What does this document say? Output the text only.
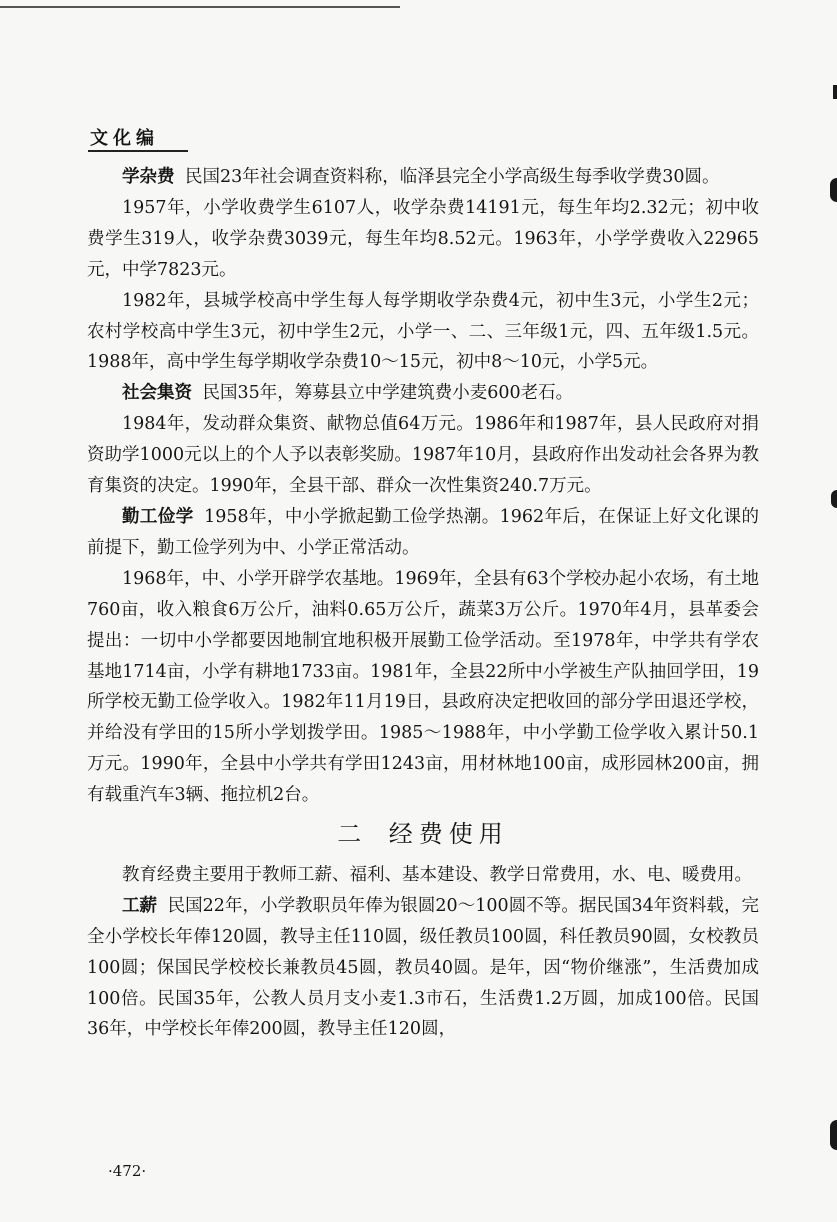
文化编

学杂费 民国23年社会调查资料称，临泽县完全小学高级生每季收学费30圆。

1957年，小学收费学生6107人，收学杂费14191元，每生年均2.32元；初中收费学生319人，收学杂费3039元，每生年均8.52元。1963年，小学学费收入22965元，中学7823元。

1982年，县城学校高中学生每人每学期收学杂费4元，初中生3元，小学生2元；农村学校高中学生3元，初中学生2元，小学一、二、三年级1元，四、五年级1.5元。1988年，高中学生每学期收学杂费10～15元，初中8～10元，小学5元。

社会集资 民国35年，筹募县立中学建筑费小麦600老石。

1984年，发动群众集资、献物总值64万元。1986年和1987年，县人民政府对捐资助学1000元以上的个人予以表彰奖励。1987年10月，县政府作出发动社会各界为教育集资的决定。1990年，全县干部、群众一次性集资240.7万元。

勤工俭学 1958年，中小学掀起勤工俭学热潮。1962年后，在保证上好文化课的前提下，勤工俭学列为中、小学正常活动。

1968年，中、小学开辟学农基地。1969年，全县有63个学校办起小农场，有土地760亩，收入粮食6万公斤，油料0.65万公斤，蔬菜3万公斤。1970年4月，县革委会提出：一切中小学都要因地制宜地积极开展勤工俭学活动。至1978年，中学共有学农基地1714亩，小学有耕地1733亩。1981年，全县22所中小学被生产队抽回学田，19所学校无勤工俭学收入。1982年11月19日，县政府决定把收回的部分学田退还学校，并给没有学田的15所小学划拨学田。1985～1988年，中小学勤工俭学收入累计50.1万元。1990年，全县中小学共有学田1243亩，用材林地100亩，成形园林200亩，拥有载重汽车3辆、拖拉机2台。

二 经费使用

教育经费主要用于教师工薪、福利、基本建设、教学日常费用，水、电、暖费用。

工薪 民国22年，小学教职员年俸为银圆20～100圆不等。据民国34年资料载，完全小学校长年俸120圆，教导主任110圆，级任教员100圆，科任教员90圆，女校教员100圆；保国民学校校长兼教员45圆，教员40圆。是年，因“物价继涨”，生活费加成100倍。民国35年，公教人员月支小麦1.3市石，生活费1.2万圆，加成100倍。民国36年，中学校长年俸200圆，教导主任120圆，

·472·
